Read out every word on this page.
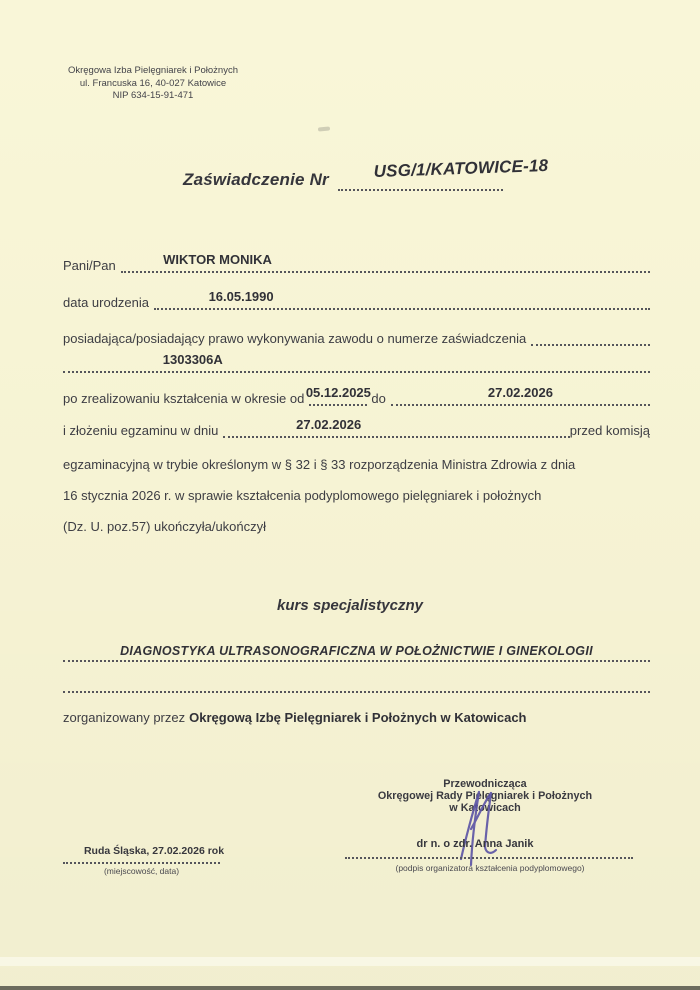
Okręgowa Izba Pielęgniarek i Położnych
ul. Francuska 16, 40-027 Katowice
NIP 634-15-91-471
Zaświadczenie Nr	USG/1/KATOWICE-18
Pani/Pan	WIKTOR MONIKA
data urodzenia	16.05.1990
posiadająca/posiadający prawo wykonywania zawodu o numerze zaświadczenia
1303306A
po zrealizowaniu kształcenia w okresie od 05.12.2025 do	27.02.2026
i złożeniu egzaminu w dniu	27.02.2026	przed komisją
egzaminacyjną w trybie określonym w § 32 i § 33 rozporządzenia Ministra Zdrowia z dnia
16 stycznia 2026 r. w sprawie kształcenia podyplomowego pielęgniarek i położnych
(Dz. U. poz.57) ukończyła/ukończył
kurs specjalistyczny
DIAGNOSTYKA ULTRASONOGRAFICZNA W POŁOŻNICTWIE I GINEKOLOGII
zorganizowany przez Okręgową Izbę Pielęgniarek i Położnych w Katowicach
Przewodnicząca
Okręgowej Rady Pielęgniarek i Położnych
w Katowicach
dr n. o zdr. Anna Janik
(podpis organizatora kształcenia podyplomowego)
Ruda Śląska, 27.02.2026 rok
(miejscowość, data)
